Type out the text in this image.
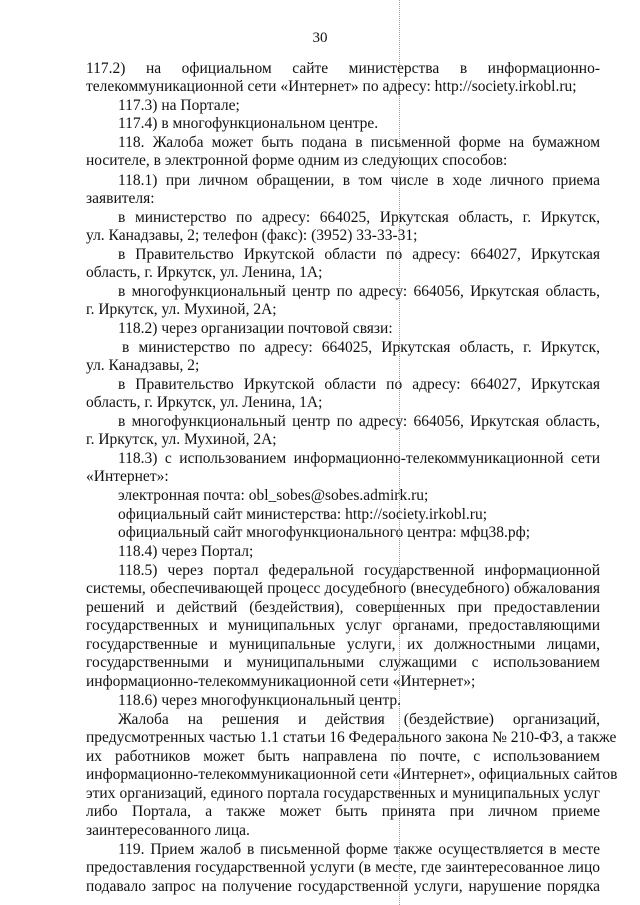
30
117.2) на официальном сайте министерства в информационно-
телекоммуникационной сети «Интернет» по адресу: http://society.irkobl.ru;
117.3) на Портале;
117.4) в многофункциональном центре.
118. Жалоба может быть подана в письменной форме на бумажном
носителе, в электронной форме одним из следующих способов:
118.1) при личном обращении, в том числе в ходе личного приема
заявителя:
в министерство по адресу: 664025, Иркутская область, г. Иркутск,
ул. Канадзавы, 2; телефон (факс): (3952) 33-33-31;
в Правительство Иркутской области по адресу: 664027, Иркутская
область, г. Иркутск, ул. Ленина, 1А;
в многофункциональный центр по адресу: 664056, Иркутская область,
г. Иркутск, ул. Мухиной, 2А;
118.2) через организации почтовой связи:
в министерство по адресу: 664025, Иркутская область, г. Иркутск,
ул. Канадзавы, 2;
в Правительство Иркутской области по адресу: 664027, Иркутская
область, г. Иркутск, ул. Ленина, 1А;
в многофункциональный центр по адресу: 664056, Иркутская область,
г. Иркутск, ул. Мухиной, 2А;
118.3) с использованием информационно-телекоммуникационной сети
«Интернет»:
электронная почта: obl_sobes@sobes.admirk.ru;
официальный сайт министерства: http://society.irkobl.ru;
официальный сайт многофункционального центра: мфц38.рф;
118.4) через Портал;
118.5) через портал федеральной государственной информационной
системы, обеспечивающей процесс досудебного (внесудебного) обжалования
решений и действий (бездействия), совершенных при предоставлении
государственных и муниципальных услуг органами, предоставляющими
государственные и муниципальные услуги, их должностными лицами,
государственными и муниципальными служащими с использованием
информационно-телекоммуникационной сети «Интернет»;
118.6) через многофункциональный центр.
Жалоба на решения и действия (бездействие) организаций,
предусмотренных частью 1.1 статьи 16 Федерального закона № 210-ФЗ, а также
их работников может быть направлена по почте, с использованием
информационно-телекоммуникационной сети «Интернет», официальных сайтов
этих организаций, единого портала государственных и муниципальных услуг
либо Портала, а также может быть принята при личном приеме
заинтересованного лица.
119. Прием жалоб в письменной форме также осуществляется в месте
предоставления государственной услуги (в месте, где заинтересованное лицо
подавало запрос на получение государственной услуги, нарушение порядка
